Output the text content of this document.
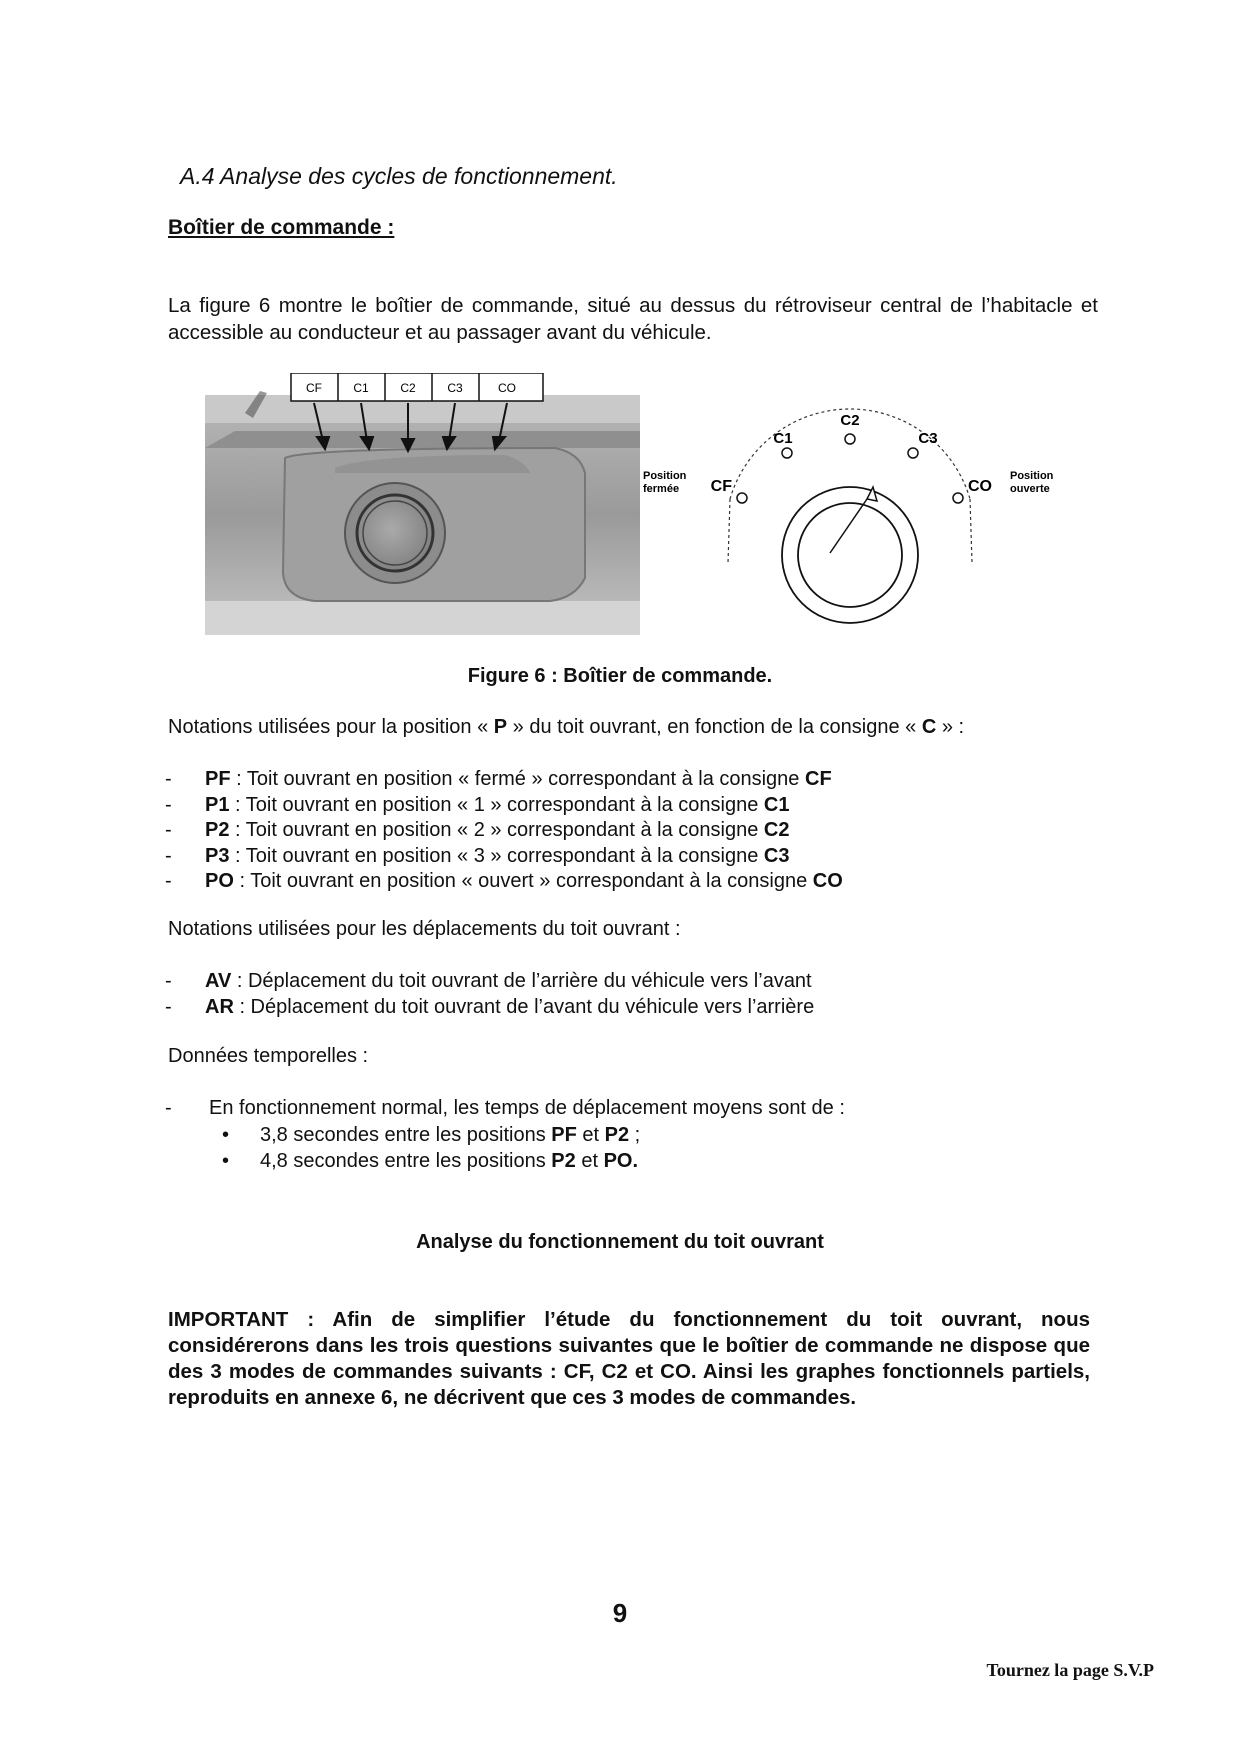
A.4 Analyse des cycles de fonctionnement.
Boîtier de commande :
La figure 6 montre le boîtier de commande, situé au dessus du rétroviseur central de l’habitacle et accessible au conducteur et au passager avant du véhicule.
CF	C1	C2	C3	CO
C2
C1	C3
CF	CO
Position
fermée
Position
ouverte
Figure 6 : Boîtier de commande.
Notations utilisées pour la position « P » du toit ouvrant, en fonction de la consigne « C » :
-	PF : Toit ouvrant en position « fermé » correspondant à la consigne CF
-	P1 : Toit ouvrant en position « 1 » correspondant à la consigne C1
-	P2 : Toit ouvrant en position « 2 » correspondant à la consigne C2
-	P3 : Toit ouvrant en position « 3 » correspondant à la consigne C3
-	PO : Toit ouvrant en position « ouvert » correspondant à la consigne CO
Notations utilisées pour les déplacements du toit ouvrant :
-	AV : Déplacement du toit ouvrant de l’arrière du véhicule vers l’avant
-	AR : Déplacement du toit ouvrant de l’avant du véhicule vers l’arrière
Données temporelles :
-	En fonctionnement normal, les temps de déplacement moyens sont de :
•	3,8 secondes entre les positions PF et P2 ;
•	4,8 secondes entre les positions P2 et PO.
Analyse du fonctionnement du toit ouvrant
IMPORTANT : Afin de simplifier l’étude du fonctionnement du toit ouvrant, nous considérerons dans les trois questions suivantes que le boîtier de commande ne dispose que des 3 modes de commandes suivants : CF, C2 et CO. Ainsi les graphes fonctionnels partiels, reproduits en annexe 6, ne décrivent que ces 3 modes de commandes.
9
Tournez la page S.V.P
